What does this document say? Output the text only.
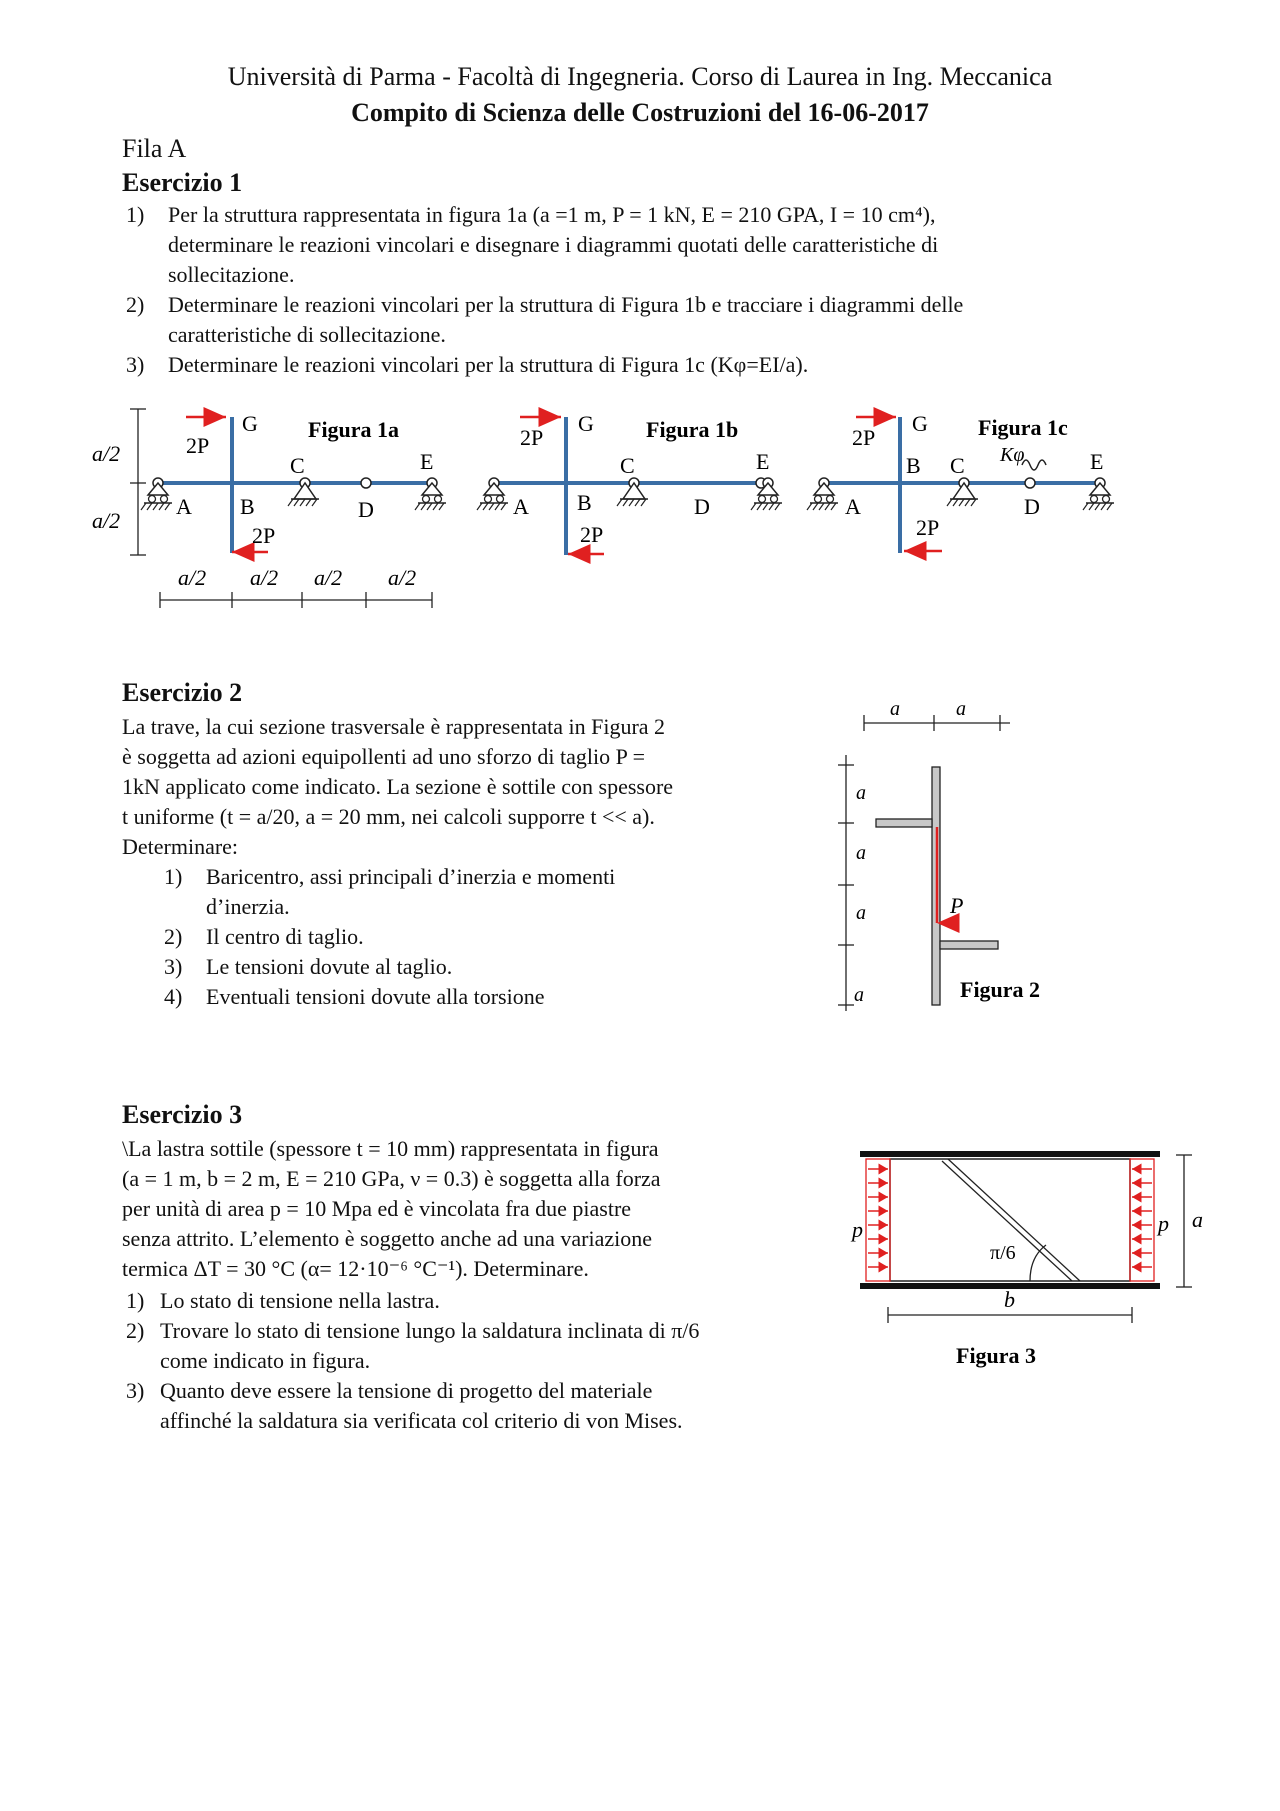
Università di Parma - Facoltà di Ingegneria. Corso di Laurea in Ing. Meccanica
Compito di Scienza delle Costruzioni del 16-06-2017
Fila A
Esercizio 1
1) Per la struttura rappresentata in figura 1a (a =1 m, P = 1 kN, E = 210 GPA, I = 10 cm⁴),
determinare le reazioni vincolari e disegnare i diagrammi quotati delle caratteristiche di
sollecitazione.
2) Determinare le reazioni vincolari per la struttura di Figura 1b e tracciare i diagrammi delle
caratteristiche di sollecitazione.
3) Determinare le reazioni vincolari per la struttura di Figura 1c (Kφ=EI/a).
a/2
a/2
2P
2P
G Figura 1a
C	E
A B	D
a/2 a/2 a/2 a/2
2P
2P
G Figura 1b
C	E
A B	D
2P
2P
G Figura 1c
Kφ
B C	E
A	D
Esercizio 2
La trave, la cui sezione trasversale è rappresentata in Figura 2
è soggetta ad azioni equipollenti ad uno sforzo di taglio P =
1kN applicato come indicato. La sezione è sottile con spessore
t uniforme (t = a/20, a = 20 mm, nei calcoli supporre t << a).
Determinare:
1) Baricentro, assi principali d’inerzia e momenti
d’inerzia.
2) Il centro di taglio.
3) Le tensioni dovute al taglio.
4) Eventuali tensioni dovute alla torsione
a	a
a
a
a
a
P
Figura 2
Esercizio 3
\La lastra sottile (spessore t = 10 mm) rappresentata in figura
(a = 1 m, b = 2 m, E = 210 GPa, ν = 0.3) è soggetta alla forza
per unità di area p = 10 Mpa ed è vincolata fra due piastre
senza attrito. L’elemento è soggetto anche ad una variazione
termica ΔT = 30 °C (α= 12·10⁻⁶ °C⁻¹). Determinare.
1) Lo stato di tensione nella lastra.
2) Trovare lo stato di tensione lungo la saldatura inclinata di π/6
come indicato in figura.
3) Quanto deve essere la tensione di progetto del materiale
affinché la saldatura sia verificata col criterio di von Mises.
π/6
p	p a
b
Figura 3
